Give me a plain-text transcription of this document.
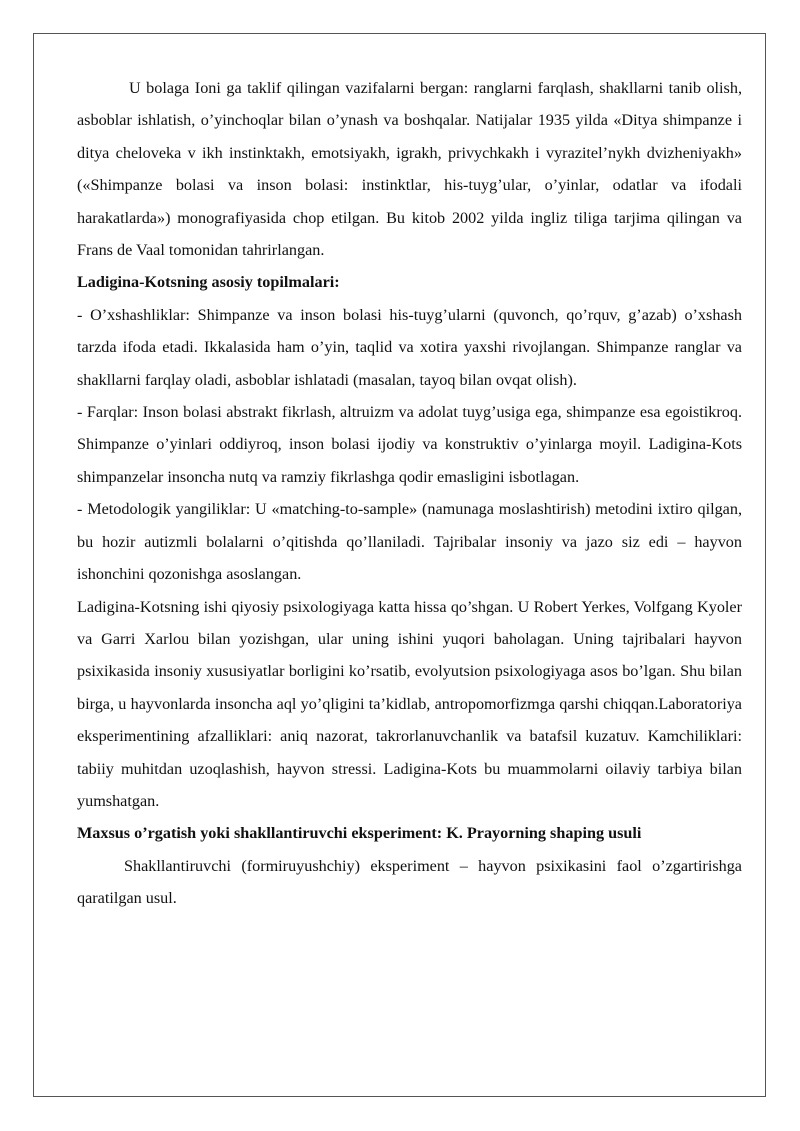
U bolaga Ioni ga taklif qilingan vazifalarni bergan: ranglarni farqlash, shakllarni tanib olish, asboblar ishlatish, o’yinchoqlar bilan o’ynash va boshqalar. Natijalar 1935 yilda «Ditya shimpanze i ditya cheloveka v ikh instinktakh, emotsiyakh, igrakh, privychkakh i vyrazitel’nykh dvizheniyakh» («Shimpanze bolasi va inson bolasi: instinktlar, his-tuyg’ular, o’yinlar, odatlar va ifodali harakatlarda») monografiyasida chop etilgan. Bu kitob 2002 yilda ingliz tiliga tarjima qilingan va Frans de Vaal tomonidan tahrirlangan.

Ladigina-Kotsning asosiy topilmalari:

- O’xshashliklar: Shimpanze va inson bolasi his-tuyg’ularni (quvonch, qo’rquv, g’azab) o’xshash tarzda ifoda etadi. Ikkalasida ham o’yin, taqlid va xotira yaxshi rivojlangan. Shimpanze ranglar va shakllarni farqlay oladi, asboblar ishlatadi (masalan, tayoq bilan ovqat olish).

- Farqlar: Inson bolasi abstrakt fikrlash, altruizm va adolat tuyg’usiga ega, shimpanze esa egoistikroq. Shimpanze o’yinlari oddiyroq, inson bolasi ijodiy va konstruktiv o’yinlarga moyil. Ladigina-Kots shimpanzelar insoncha nutq va ramziy fikrlashga qodir emasligini isbotlagan.

- Metodologik yangiliklar: U «matching-to-sample» (namunaga moslashtirish) metodini ixtiro qilgan, bu hozir autizmli bolalarni o’qitishda qo’llaniladi. Tajribalar insoniy va jazo siz edi – hayvon ishonchini qozonishga asoslangan.

Ladigina-Kotsning ishi qiyosiy psixologiyaga katta hissa qo’shgan. U Robert Yerkes, Volfgang Kyoler va Garri Xarlou bilan yozishgan, ular uning ishini yuqori baholagan. Uning tajribalari hayvon psixikasida insoniy xususiyatlar borligini ko’rsatib, evolyutsion psixologiyaga asos bo’lgan. Shu bilan birga, u hayvonlarda insoncha aql yo’qligini ta’kidlab, antropomorfizmga qarshi chiqqan.Laboratoriya eksperimentining afzalliklari: aniq nazorat, takrorlanuvchanlik va batafsil kuzatuv. Kamchiliklari: tabiiy muhitdan uzoqlashish, hayvon stressi. Ladigina-Kots bu muammolarni oilaviy tarbiya bilan yumshatgan.

Maxsus o’rgatish yoki shakllantiruvchi eksperiment: K. Prayorning shaping usuli

Shakllantiruvchi (formiruyushchiy) eksperiment – hayvon psixikasini faol o’zgartirishga qaratilgan usul.
